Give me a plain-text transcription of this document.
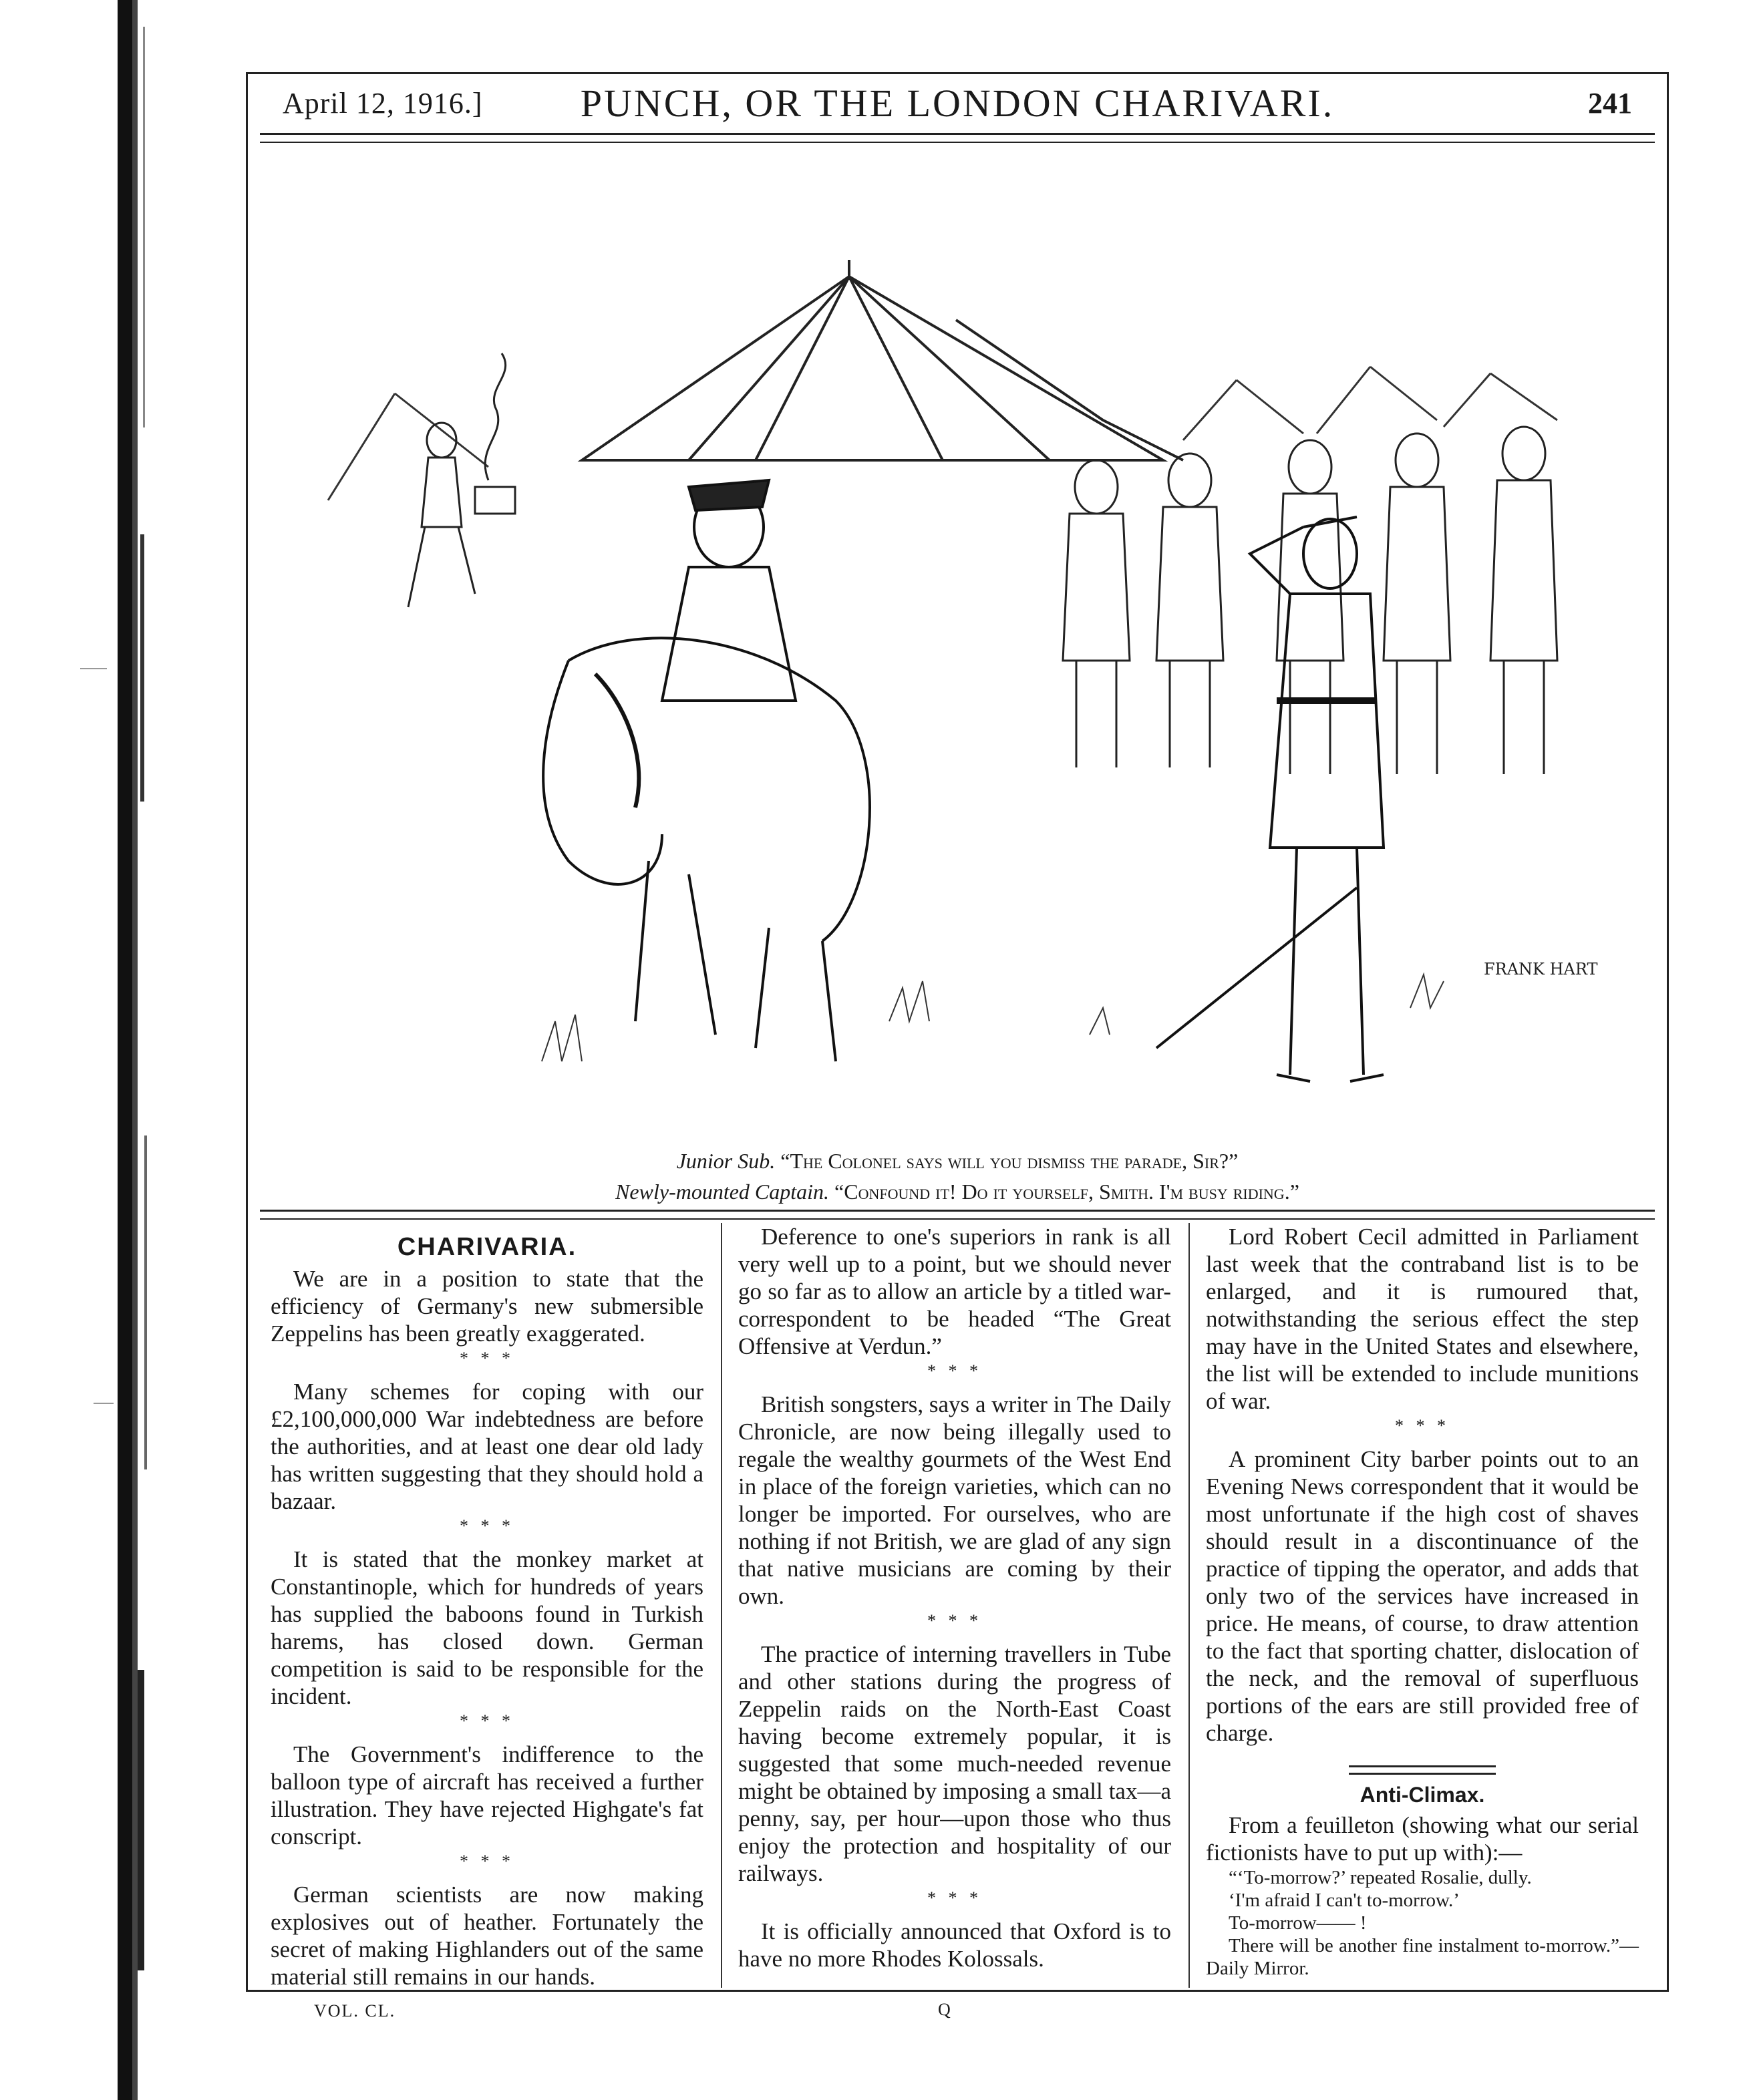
April 12, 1916.]	PUNCH, OR THE LONDON CHARIVARI.	241
FRANK HART
Junior Sub. “The Colonel says will you dismiss the parade, Sir?”
Newly-mounted Captain. “Confound it! Do it yourself, Smith. I'm busy riding.”
CHARIVARIA.

We are in a position to state that the efficiency of Germany's new submersible Zeppelins has been greatly exaggerated.

* * *

Many schemes for coping with our £2,100,000,000 War indebtedness are before the authorities, and at least one dear old lady has written suggesting that they should hold a bazaar.

* * *

It is stated that the monkey market at Constantinople, which for hundreds of years has supplied the baboons found in Turkish harems, has closed down. German competition is said to be responsible for the incident.

* * *

The Government's indifference to the balloon type of aircraft has received a further illustration. They have rejected Highgate's fat conscript.

* * *

German scientists are now making explosives out of heather. Fortunately the secret of making Highlanders out of the same material still remains in our hands.

Deference to one's superiors in rank is all very well up to a point, but we should never go so far as to allow an article by a titled war-correspondent to be headed “The Great Offensive at Verdun.”

* * *

British songsters, says a writer in The Daily Chronicle, are now being illegally used to regale the wealthy gourmets of the West End in place of the foreign varieties, which can no longer be imported. For ourselves, who are nothing if not British, we are glad of any sign that native musicians are coming by their own.

* * *

The practice of interning travellers in Tube and other stations during the progress of Zeppelin raids on the North-East Coast having become extremely popular, it is suggested that some much-needed revenue might be obtained by imposing a small tax—a penny, say, per hour—upon those who thus enjoy the protection and hospitality of our railways.

* * *

It is officially announced that Oxford is to have no more Rhodes Kolossals.

Lord Robert Cecil admitted in Parliament last week that the contraband list is to be enlarged, and it is rumoured that, notwithstanding the serious effect the step may have in the United States and elsewhere, the list will be extended to include munitions of war.

* * *

A prominent City barber points out to an Evening News correspondent that it would be most unfortunate if the high cost of shaves should result in a discontinuance of the practice of tipping the operator, and adds that only two of the services have increased in price. He means, of course, to draw attention to the fact that sporting chatter, dislocation of the neck, and the removal of superfluous portions of the ears are still provided free of charge.

Anti-Climax.

From a feuilleton (showing what our serial fictionists have to put up with):—

“‘To-morrow?’ repeated Rosalie, dully.
‘I'm afraid I can't to-morrow.’
To-morrow—— !
There will be another fine instalment to-morrow.”—Daily Mirror.

VOL. CL.	Q
